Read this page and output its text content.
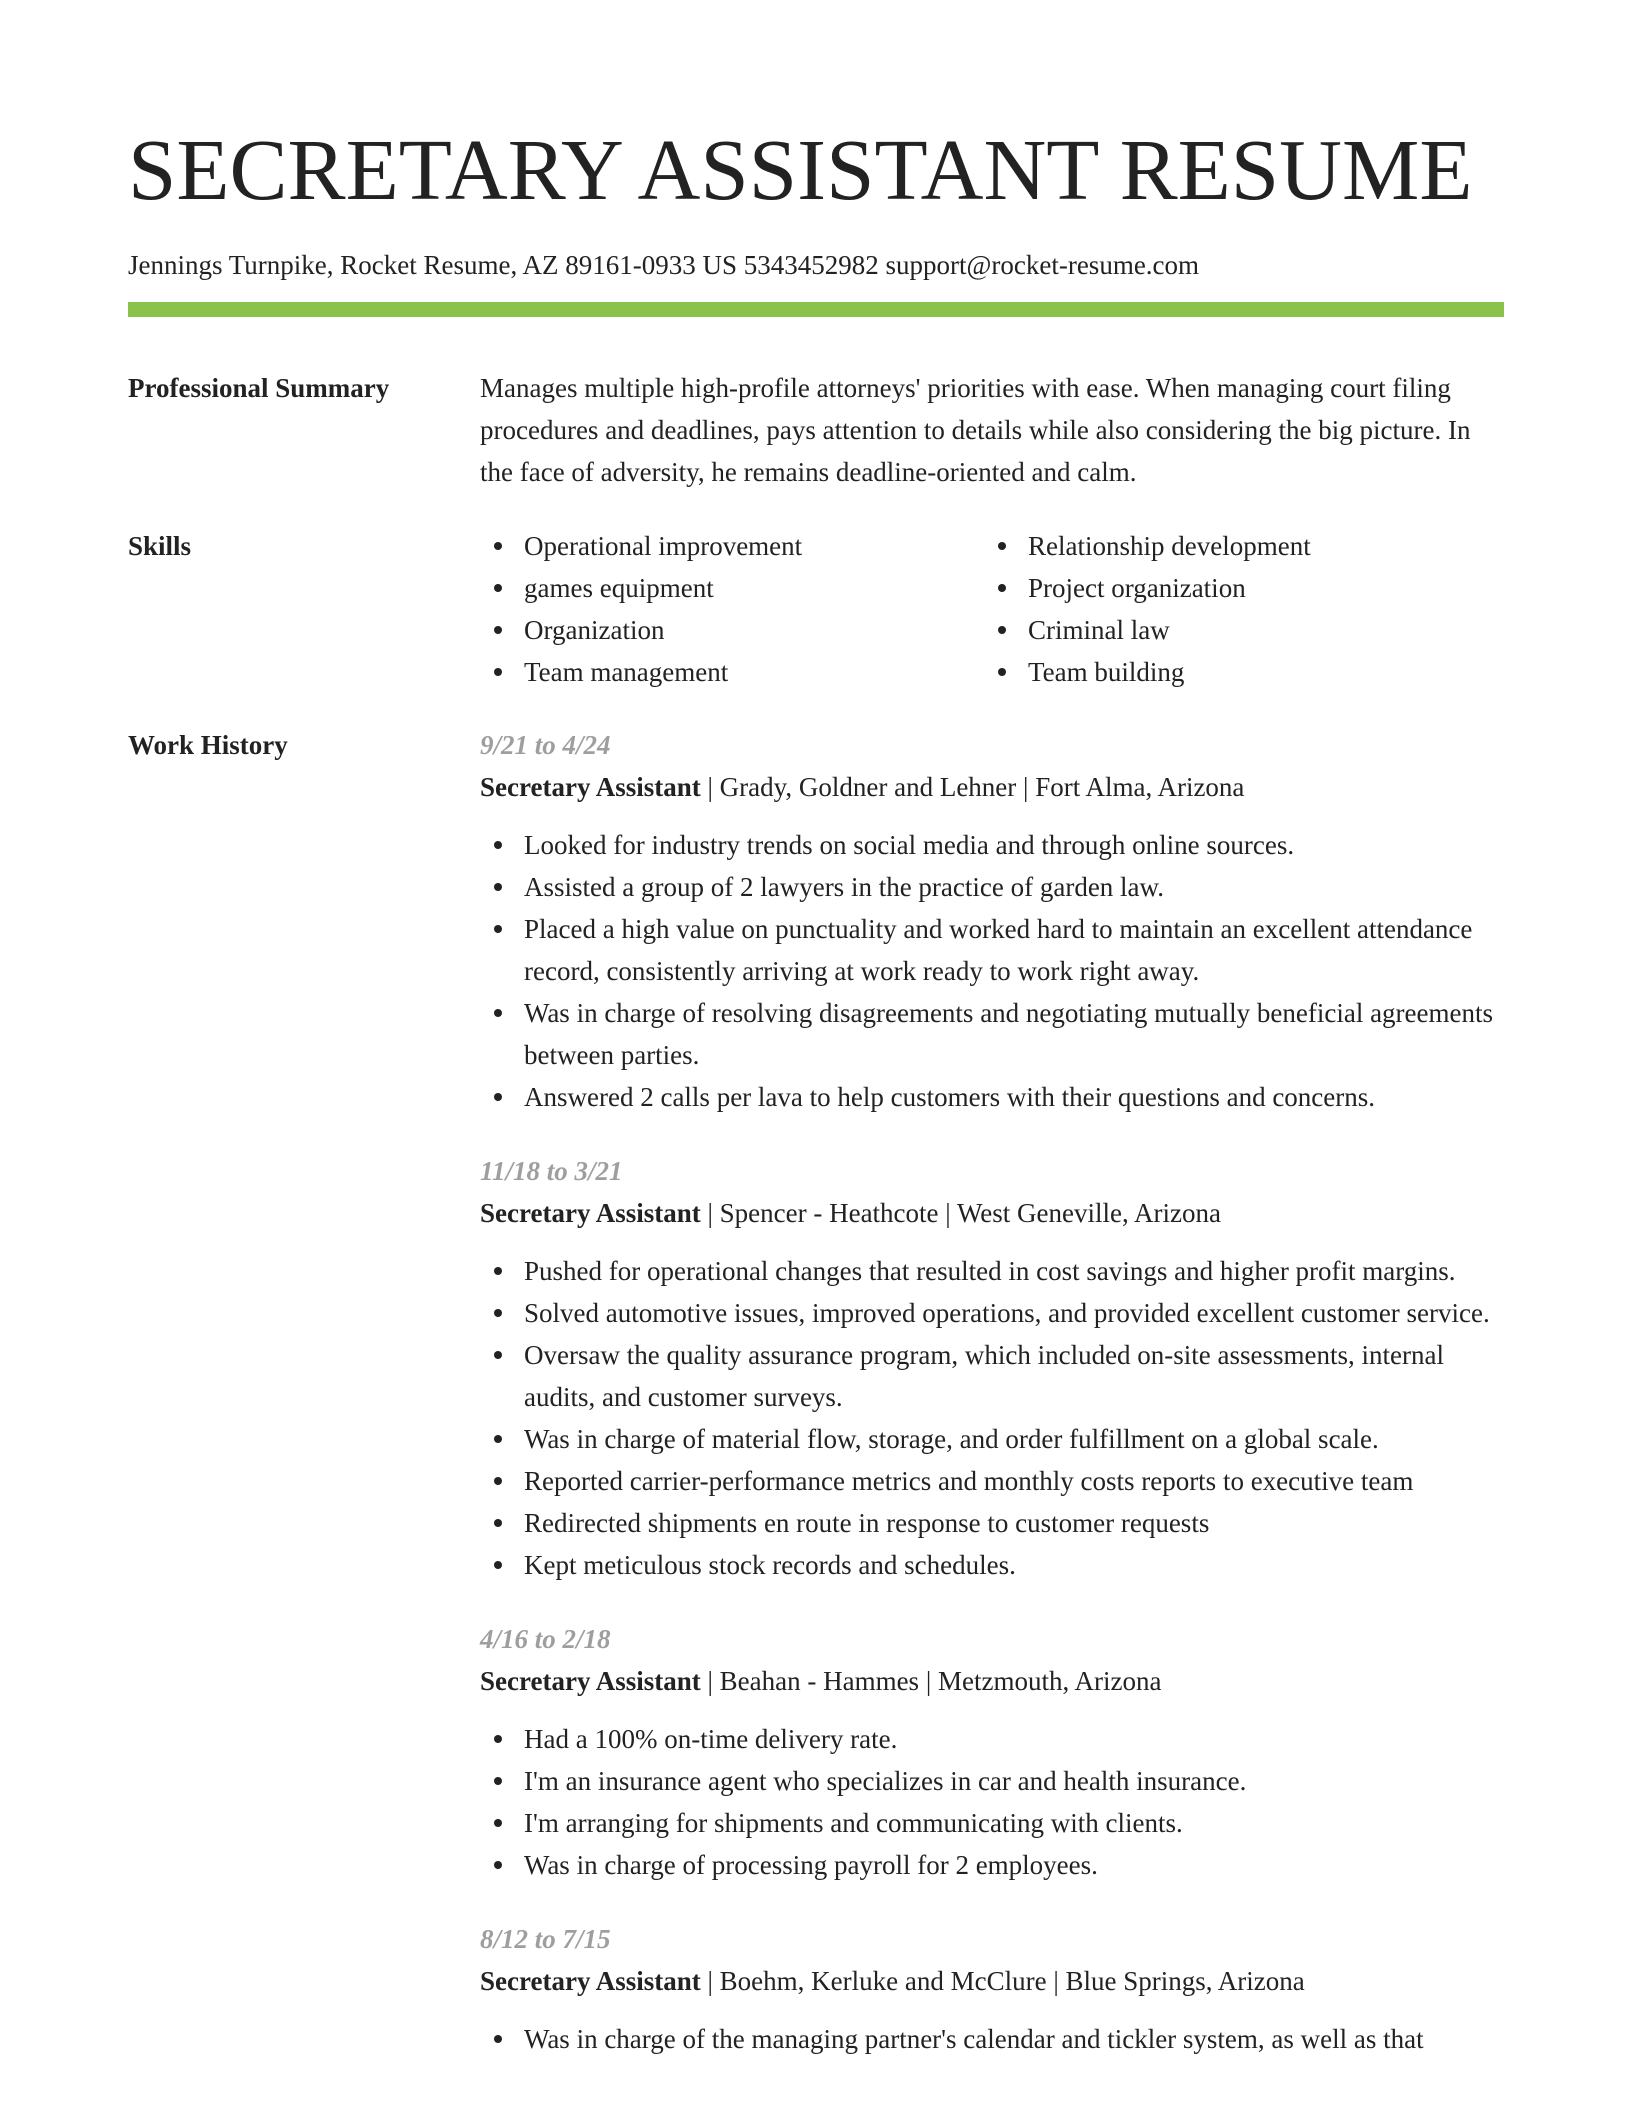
SECRETARY ASSISTANT RESUME
Jennings Turnpike, Rocket Resume, AZ 89161-0933 US 5343452982 support@rocket-resume.com
Professional Summary	Manages multiple high-profile attorneys' priorities with ease. When managing court filing procedures and deadlines, pays attention to details while also considering the big picture. In the face of adversity, he remains deadline-oriented and calm.
Skills	Operational improvement
games equipment
Organization
Team management
Relationship development
Project organization
Criminal law
Team building
Work History	9/21 to 4/24
Secretary Assistant | Grady, Goldner and Lehner | Fort Alma, Arizona
Looked for industry trends on social media and through online sources.
Assisted a group of 2 lawyers in the practice of garden law.
Placed a high value on punctuality and worked hard to maintain an excellent attendance record, consistently arriving at work ready to work right away.
Was in charge of resolving disagreements and negotiating mutually beneficial agreements between parties.
Answered 2 calls per lava to help customers with their questions and concerns.
11/18 to 3/21
Secretary Assistant | Spencer - Heathcote | West Geneville, Arizona
Pushed for operational changes that resulted in cost savings and higher profit margins.
Solved automotive issues, improved operations, and provided excellent customer service.
Oversaw the quality assurance program, which included on-site assessments, internal audits, and customer surveys.
Was in charge of material flow, storage, and order fulfillment on a global scale.
Reported carrier-performance metrics and monthly costs reports to executive team
Redirected shipments en route in response to customer requests
Kept meticulous stock records and schedules.
4/16 to 2/18
Secretary Assistant | Beahan - Hammes | Metzmouth, Arizona
Had a 100% on-time delivery rate.
I'm an insurance agent who specializes in car and health insurance.
I'm arranging for shipments and communicating with clients.
Was in charge of processing payroll for 2 employees.
8/12 to 7/15
Secretary Assistant | Boehm, Kerluke and McClure | Blue Springs, Arizona
Was in charge of the managing partner's calendar and tickler system, as well as that
